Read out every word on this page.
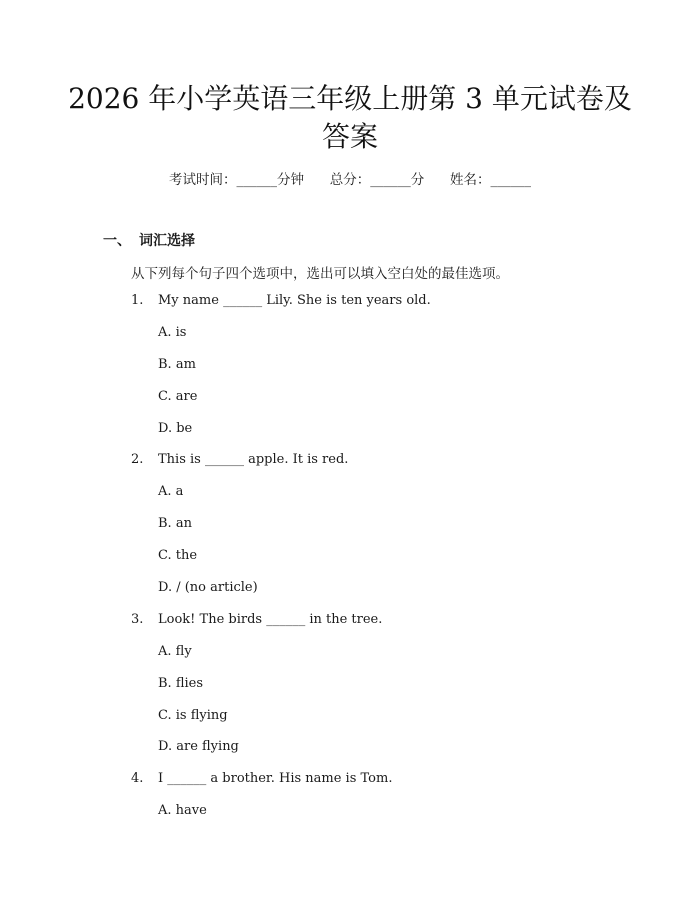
2026 年小学英语三年级上册第 3 单元试卷及
答案
考试时间：______分钟      总分：______分      姓名：______
一、 词汇选择
从下列每个句子四个选项中，选出可以填入空白处的最佳选项。
1. My name ______ Lily. She is ten years old.
A. is
B. am
C. are
D. be
2. This is ______ apple. It is red.
A. a
B. an
C. the
D. / (no article)
3. Look! The birds ______ in the tree.
A. fly
B. flies
C. is flying
D. are flying
4. I ______ a brother. His name is Tom.
A. have
